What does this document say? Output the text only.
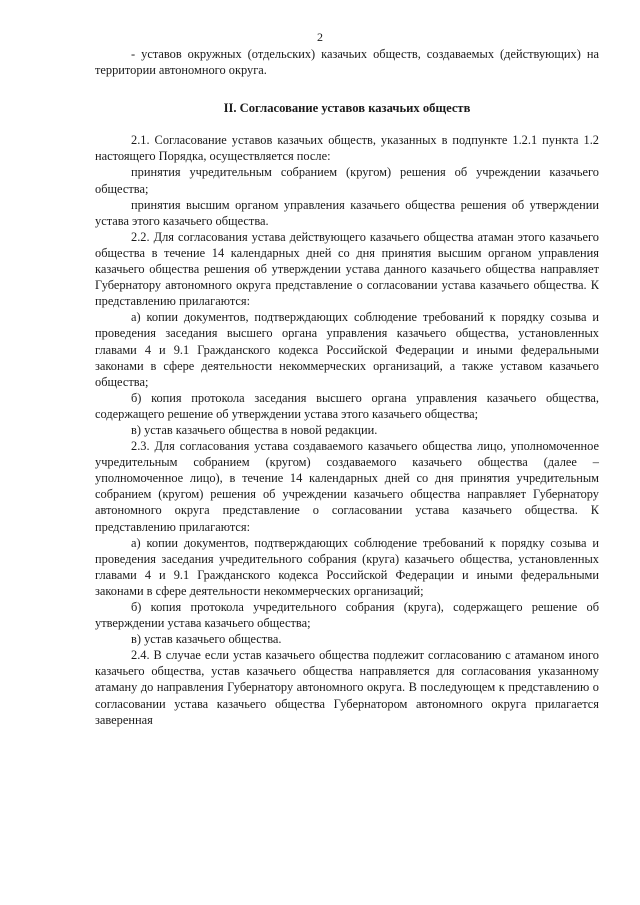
2

- уставов окружных (отдельских) казачьих обществ, создаваемых (действующих) на территории автономного округа.

II. Согласование уставов казачьих обществ

2.1. Согласование уставов казачьих обществ, указанных в подпункте 1.2.1 пункта 1.2 настоящего Порядка, осуществляется после:

принятия учредительным собранием (кругом) решения об учреждении казачьего общества;

принятия высшим органом управления казачьего общества решения об утверждении устава этого казачьего общества.

2.2. Для согласования устава действующего казачьего общества атаман этого казачьего общества в течение 14 календарных дней со дня принятия высшим органом управления казачьего общества решения об утверждении устава данного казачьего общества направляет Губернатору автономного округа представление о согласовании устава казачьего общества. К представлению прилагаются:

а) копии документов, подтверждающих соблюдение требований к порядку созыва и проведения заседания высшего органа управления казачьего общества, установленных главами 4 и 9.1 Гражданского кодекса Российской Федерации и иными федеральными законами в сфере деятельности некоммерческих организаций, а также уставом казачьего общества;

б) копия протокола заседания высшего органа управления казачьего общества, содержащего решение об утверждении устава этого казачьего общества;

в) устав казачьего общества в новой редакции.

2.3. Для согласования устава создаваемого казачьего общества лицо, уполномоченное учредительным собранием (кругом) создаваемого казачьего общества (далее – уполномоченное лицо), в течение 14 календарных дней со дня принятия учредительным собранием (кругом) решения об учреждении казачьего общества направляет Губернатору автономного округа представление о согласовании устава казачьего общества. К представлению прилагаются:

а) копии документов, подтверждающих соблюдение требований к порядку созыва и проведения заседания учредительного собрания (круга) казачьего общества, установленных главами 4 и 9.1 Гражданского кодекса Российской Федерации и иными федеральными законами в сфере деятельности некоммерческих организаций;

б) копия протокола учредительного собрания (круга), содержащего решение об утверждении устава казачьего общества;

в) устав казачьего общества.

2.4. В случае если устав казачьего общества подлежит согласованию с атаманом иного казачьего общества, устав казачьего общества направляется для согласования указанному атаману до направления Губернатору автономного округа. В последующем к представлению о согласовании устава казачьего общества Губернатором автономного округа прилагается заверенная
